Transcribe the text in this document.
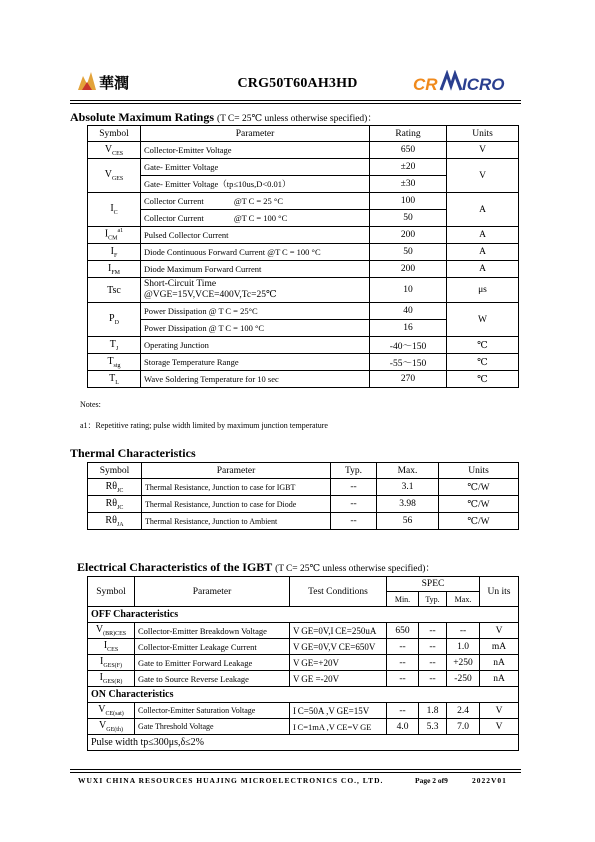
華潤	CRG50T60AH3HD	CR ICRO
Absolute Maximum Ratings (T C= 25℃ unless otherwise specified)：
Symbol	Parameter	Rating	Units
$V_{CES}$	Collector-Emitter Voltage	650	V
$V_{GES}$	Gate- Emitter Voltage	±20	V
	Gate- Emitter Voltage（tp≤10us,D<0.01）	±30	
$I_C$	Collector Current @T C = 25 °C	100	A
	Collector Current @T C = 100 °C	50	
$I_{CM}^{a1}$	Pulsed Collector Current	200	A
$I_F$	Diode Continuous Forward Current @T C = 100 °C	50	A
$I_{FM}$	Diode Maximum Forward Current	200	A
Tsc	Short-Circuit Time
@VGE=15V,VCE=400V,Tc=25℃	10	μs
$P_D$	Power Dissipation @ T C = 25°C	40	W
	Power Dissipation @ T C = 100 °C	16	
$T_J$	Operating Junction	-40～150	℃
$T_{stg}$	Storage Temperature Range	-55～150	℃
$T_L$	Wave Soldering Temperature for 10 sec	270	℃
Notes:
a1：Repetitive rating; pulse width limited by maximum junction temperature
Thermal Characteristics
Symbol	Parameter	Typ.	Max.	Units
$R\theta_{JC}$	Thermal Resistance, Junction to case for IGBT	--	3.1	℃/W
$R\theta_{JC}$	Thermal Resistance, Junction to case for Diode	--	3.98	℃/W
$R\theta_{JA}$	Thermal Resistance, Junction to Ambient	--	56	℃/W
Electrical Characteristics of the IGBT (T C= 25℃ unless otherwise specified)：
Symbol	Parameter	Test Conditions	SPEC			Un its
			Min.	Typ.	Max.	
OFF Characteristics						
$V_{(BR)CES}$	Collector-Emitter Breakdown Voltage	V GE=0V,I CE=250uA	650	--	--	V
$I_{CES}$	Collector-Emitter Leakage Current	V GE=0V,V CE=650V	--	--	1.0	mA
$I_{GES(F)}$	Gate to Emitter Forward Leakage	V GE=+20V	--	--	+250	nA
$I_{GES(R)}$	Gate to Source Reverse Leakage	V GE =-20V	--	--	-250	nA
ON Characteristics						
$V_{CE(sat)}$	Collector-Emitter Saturation Voltage	I C=50A ,V GE=15V	--	1.8	2.4	V
$V_{GE(th)}$	Gate Threshold Voltage	I C=1mA ,V CE=V GE	4.0	5.3	7.0	V
Pulse width tp≤300μs,δ≤2%						
WUXI CHINA RESOURCES HUAJING MICROELECTRONICS CO., LTD.	Page 2 of9	2022V01
